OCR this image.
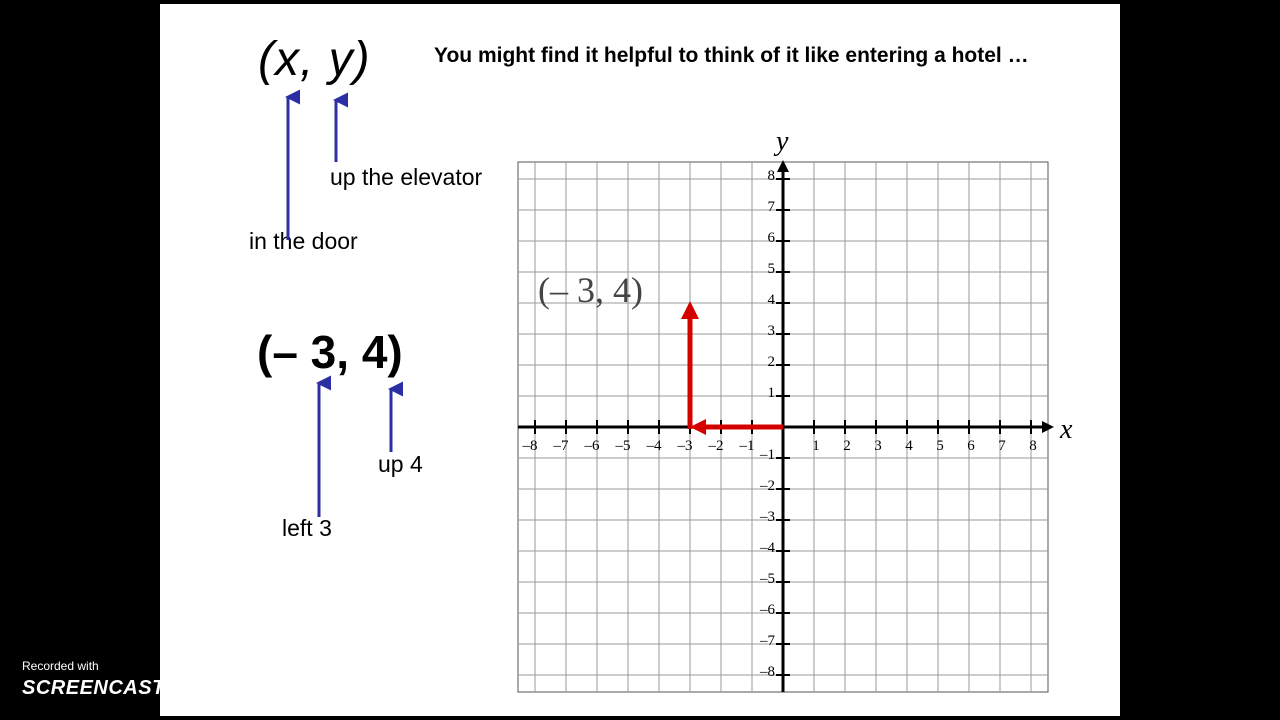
(x, y)	You might find it helpful to think of it like entering a hotel …
up the elevator
in the door
(– 3, 4)
up 4
left 3
x
y
–8 –7 –6 –5 –4 –3 –2 –1	1 2 3 4 5 6 7 8
8
7
6
5
4
3
2
1
–1
–2
–3
–4
–5
–6
–7
–8
(– 3, 4)
Recorded with
SCREENCAST MATIC
